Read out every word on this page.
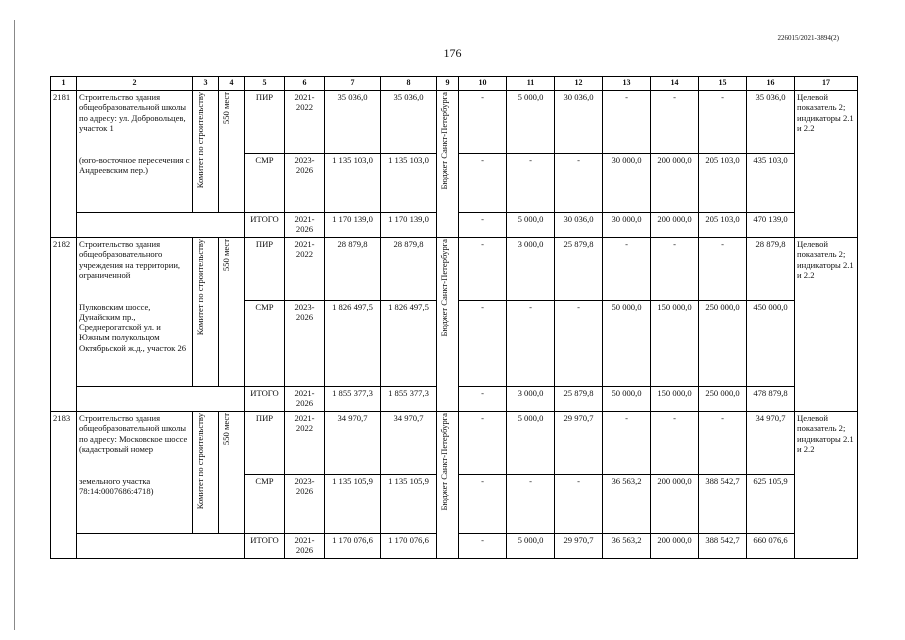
226015/2021-3894(2)
176
1	2	3	4	5	6	7	8	9	10	11	12	13	14	15	16	17
2181	Строительство здания общеобразовательной школы по адресу: ул. Добровольцев, участок 1	Комитет по строительству	550 мест	ПИР	2021-2022	35 036,0	35 036,0	Бюджет Санкт-Петербурга	-	5 000,0	30 036,0	-	-	-	35 036,0	Целевой показатель 2; индикаторы 2.1 и 2.2
	(юго-восточное пересечения с Андреевским пер.)			СМР	2023-2026	1 135 103,0	1 135 103,0		-	-	-	30 000,0	200 000,0	205 103,0	435 103,0	
				ИТОГО	2021-2026	1 170 139,0	1 170 139,0		-	5 000,0	30 036,0	30 000,0	200 000,0	205 103,0	470 139,0	
2182	Строительство здания общеобразовательного учреждения на территории, ограниченной	Комитет по строительству	550 мест	ПИР	2021-2022	28 879,8	28 879,8	Бюджет Санкт-Петербурга	-	3 000,0	25 879,8	-	-	-	28 879,8	Целевой показатель 2; индикаторы 2.1 и 2.2
	Пулковским шоссе, Дунайским пр., Среднерогатской ул. и Южным полукольцом Октябрьской ж.д., участок 26			СМР	2023-2026	1 826 497,5	1 826 497,5		-	-	-	50 000,0	150 000,0	250 000,0	450 000,0	
				ИТОГО	2021-2026	1 855 377,3	1 855 377,3		-	3 000,0	25 879,8	50 000,0	150 000,0	250 000,0	478 879,8	
2183	Строительство здания общеобразовательной школы по адресу: Московское шоссе (кадастровый номер	Комитет по строительству	550 мест	ПИР	2021-2022	34 970,7	34 970,7	Бюджет Санкт-Петербурга	-	5 000,0	29 970,7	-	-	-	34 970,7	Целевой показатель 2; индикаторы 2.1 и 2.2
	земельного участка 78:14:0007686:4718)			СМР	2023-2026	1 135 105,9	1 135 105,9		-	-	-	36 563,2	200 000,0	388 542,7	625 105,9	
				ИТОГО	2021-2026	1 170 076,6	1 170 076,6		-	5 000,0	29 970,7	36 563,2	200 000,0	388 542,7	660 076,6	
